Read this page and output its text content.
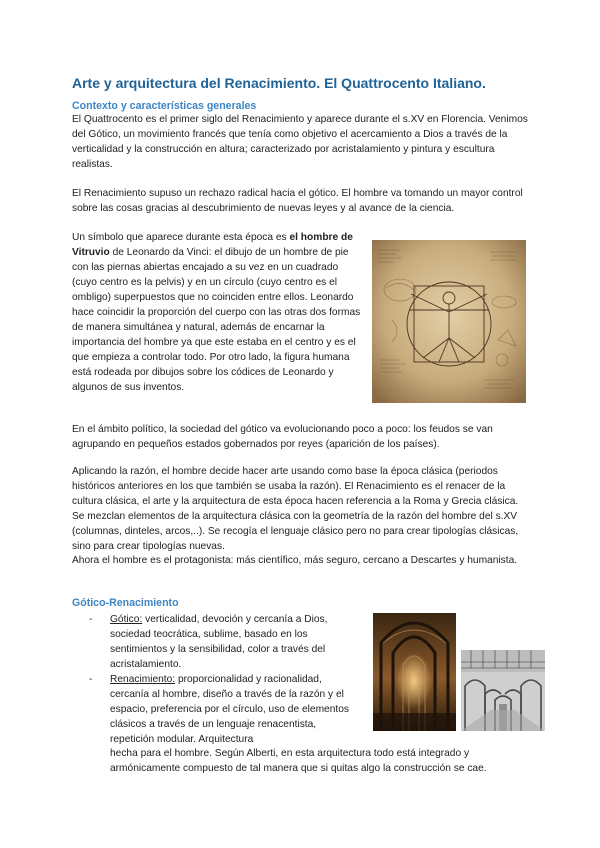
Arte y arquitectura del Renacimiento. El Quattrocento Italiano.
Contexto y características generales

El Quattrocento es el primer siglo del Renacimiento y aparece durante el s.XV en Florencia. Venimos del Gótico, un movimiento francés que tenía como objetivo el acercamiento a Dios a través de la verticalidad y la construcción en altura; caracterizado por acristalamiento y pintura y escultura realistas.

El Renacimiento supuso un rechazo radical hacia el gótico. El hombre va tomando un mayor control sobre las cosas gracias al descubrimiento de nuevas leyes y al avance de la ciencia.

Un símbolo que aparece durante esta época es el hombre de Vitruvio de Leonardo da Vinci: el dibujo de un hombre de pie con las piernas abiertas encajado a su vez en un cuadrado (cuyo centro es la pelvis) y en un círculo (cuyo centro es el ombligo) superpuestos que no coinciden entre ellos. Leonardo hace coincidir la proporción del cuerpo con las otras dos formas de manera simultánea y natural, además de encarnar la importancia del hombre ya que este estaba en el centro y es el que empieza a controlar todo. Por otro lado, la figura humana está rodeada por dibujos sobre los códices de Leonardo y algunos de sus inventos.

En el ámbito político, la sociedad del gótico va evolucionando poco a poco: los feudos se van agrupando en pequeños estados gobernados por reyes (aparición de los países).

Aplicando la razón, el hombre decide hacer arte usando como base la época clásica (periodos históricos anteriores en los que también se usaba la razón). El Renacimiento es el renacer de la cultura clásica, el arte y la arquitectura de esta época hacen referencia a la Roma y Grecia clásica. Se mezclan elementos de la arquitectura clásica con la geometría de la razón del hombre del s.XV (columnas, dinteles, arcos,..). Se recogía el lenguaje clásico pero no para crear tipologías clásicas, sino para crear tipologías nuevas.

Ahora el hombre es el protagonista: más científico, más seguro, cercano a Descartes y humanista.

Gótico-Renacimiento
- Gótico: verticalidad, devoción y cercanía a Dios, sociedad teocrática, sublime, basado en los sentimientos y la sensibilidad, color a través del acristalamiento.
- Renacimiento: proporcionalidad y racionalidad, cercanía al hombre, diseño a través de la razón y el espacio, preferencia por el círculo, uso de elementos clásicos a través de un lenguaje renacentista, repetición modular. Arquitectura

hecha para el hombre. Según Alberti, en esta arquitectura todo está integrado y armónicamente compuesto de tal manera que si quitas algo la construcción se cae.
